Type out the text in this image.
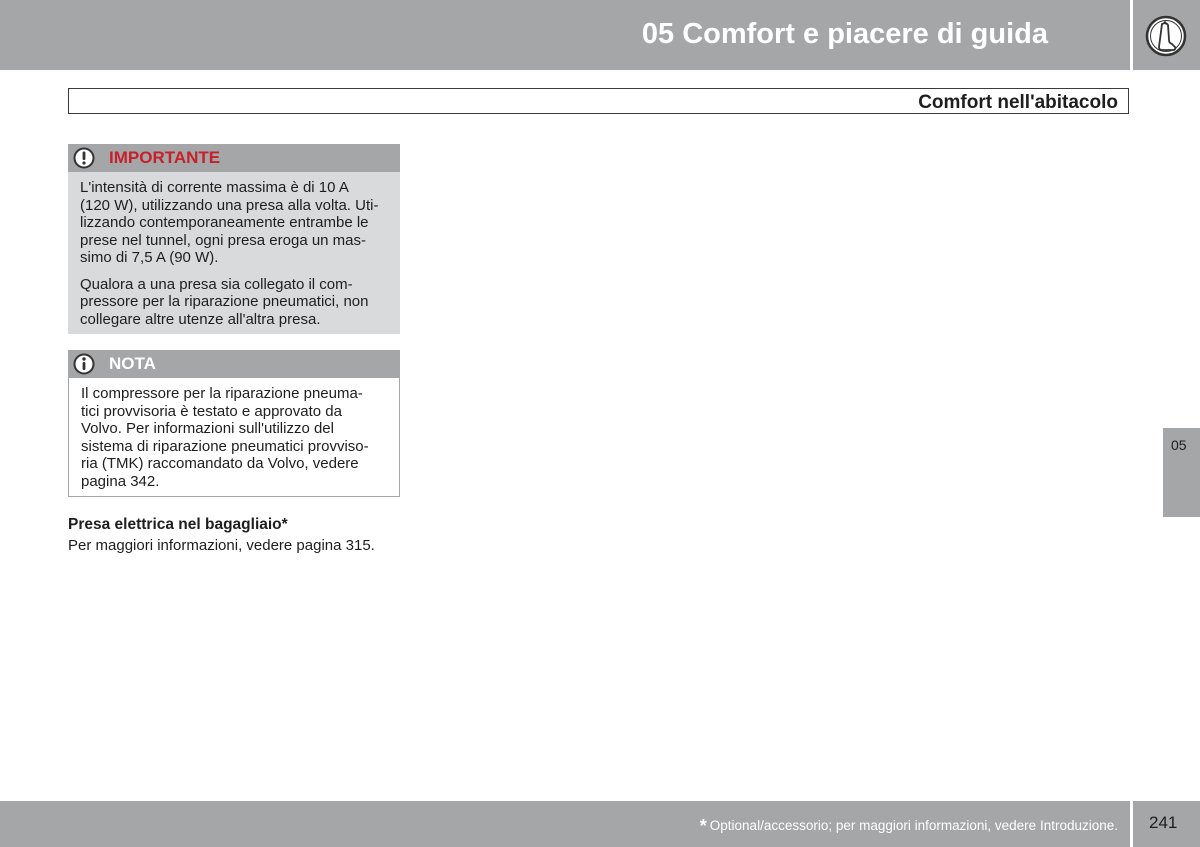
05 Comfort e piacere di guida
Comfort nell'abitacolo
IMPORTANTE

L'intensità di corrente massima è di 10 A
(120 W), utilizzando una presa alla volta. Uti-
lizzando contemporaneamente entrambe le
prese nel tunnel, ogni presa eroga un mas-
simo di 7,5 A (90 W).

Qualora a una presa sia collegato il com-
pressore per la riparazione pneumatici, non
collegare altre utenze all'altra presa.

NOTA

Il compressore per la riparazione pneuma-
tici provvisoria è testato e approvato da
Volvo. Per informazioni sull'utilizzo del
sistema di riparazione pneumatici provviso-
ria (TMK) raccomandato da Volvo, vedere
pagina 342.

Presa elettrica nel bagagliaio*
Per maggiori informazioni, vedere pagina 315.
05
* Optional/accessorio; per maggiori informazioni, vedere Introduzione. 241
